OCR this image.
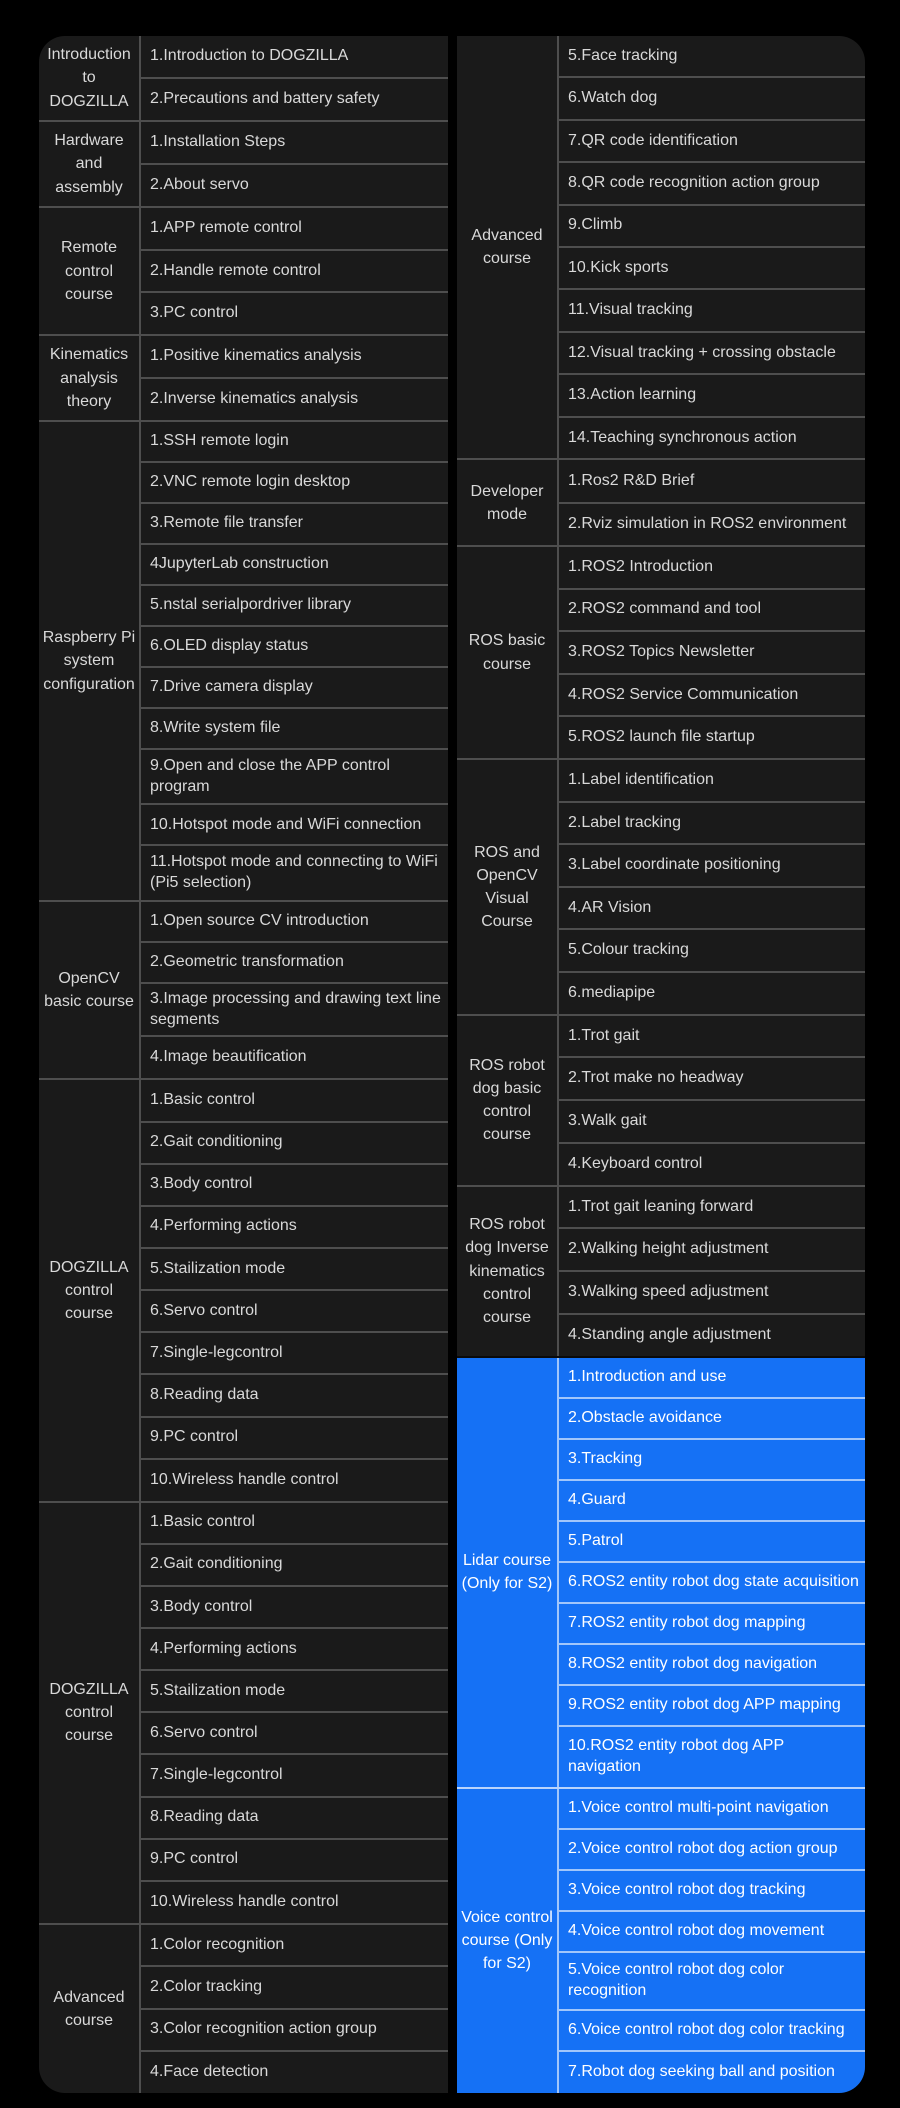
Introduction to DOGZILLA
1.Introduction to DOGZILLA
2.Precautions and battery safety
Hardware and assembly
1.Installation Steps
2.About servo
Remote control course
1.APP remote control
2.Handle remote control
3.PC control
Kinematics analysis theory
1.Positive kinematics analysis
2.Inverse kinematics analysis
Raspberry Pi system configuration
1.SSH remote login
2.VNC remote login desktop
3.Remote file transfer
4JupyterLab construction
5.nstal serialpordriver library
6.OLED display status
7.Drive camera display
8.Write system file
9.Open and close the APP control program
10.Hotspot mode and WiFi connection
11.Hotspot mode and connecting to WiFi (Pi5 selection)
OpenCV basic course
1.Open source CV introduction
2.Geometric transformation
3.Image processing and drawing text line segments
4.Image beautification
DOGZILLA control course
1.Basic control
2.Gait conditioning
3.Body control
4.Performing actions
5.Stailization mode
6.Servo control
7.Single-legcontrol
8.Reading data
9.PC control
10.Wireless handle control
DOGZILLA control course
1.Basic control
2.Gait conditioning
3.Body control
4.Performing actions
5.Stailization mode
6.Servo control
7.Single-legcontrol
8.Reading data
9.PC control
10.Wireless handle control
Advanced course
1.Color recognition
2.Color tracking
3.Color recognition action group
4.Face detection
Advanced course
5.Face tracking
6.Watch dog
7.QR code identification
8.QR code recognition action group
9.Climb
10.Kick sports
11.Visual tracking
12.Visual tracking + crossing obstacle
13.Action learning
14.Teaching synchronous action
Developer mode
1.Ros2 R&D Brief
2.Rviz simulation in ROS2 environment
ROS basic course
1.ROS2 Introduction
2.ROS2 command and tool
3.ROS2 Topics Newsletter
4.ROS2 Service Communication
5.ROS2 launch file startup
ROS and OpenCV Visual Course
1.Label identification
2.Label tracking
3.Label coordinate positioning
4.AR Vision
5.Colour tracking
6.mediapipe
ROS robot dog basic control course
1.Trot gait
2.Trot make no headway
3.Walk gait
4.Keyboard control
ROS robot dog Inverse kinematics control course
1.Trot gait leaning forward
2.Walking height adjustment
3.Walking speed adjustment
4.Standing angle adjustment
Lidar course (Only for S2)
1.Introduction and use
2.Obstacle avoidance
3.Tracking
4.Guard
5.Patrol
6.ROS2 entity robot dog state acquisition
7.ROS2 entity robot dog mapping
8.ROS2 entity robot dog navigation
9.ROS2 entity robot dog APP mapping
10.ROS2 entity robot dog APP navigation
Voice control course (Only for S2)
1.Voice control multi-point navigation
2.Voice control robot dog action group
3.Voice control robot dog tracking
4.Voice control robot dog movement
5.Voice control robot dog color recognition
6.Voice control robot dog color tracking
7.Robot dog seeking ball and position
